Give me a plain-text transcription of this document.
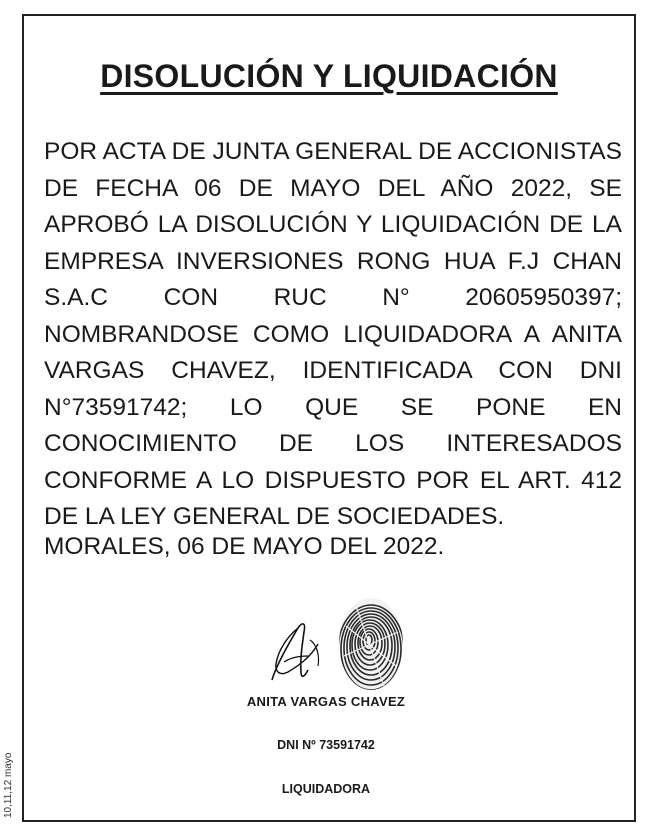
DISOLUCIÓN Y LIQUIDACIÓN

POR ACTA DE JUNTA GENERAL DE ACCIONISTAS DE FECHA 06 DE MAYO DEL AÑO 2022, SE APROBÓ LA DISOLUCIÓN Y LIQUIDACIÓN DE LA EMPRESA INVERSIONES RONG HUA F.J CHAN S.A.C CON RUC N° 20605950397; NOMBRANDOSE COMO LIQUIDADORA A ANITA VARGAS CHAVEZ, IDENTIFICADA CON DNI N°73591742; LO QUE SE PONE EN CONOCIMIENTO DE LOS INTERESADOS CONFORME A LO DISPUESTO POR EL ART. 412 DE LA LEY GENERAL DE SOCIEDADES.

MORALES, 06 DE MAYO DEL 2022.

ANITA VARGAS CHAVEZ
DNI Nº 73591742
LIQUIDADORA
10,11,12 mayo
